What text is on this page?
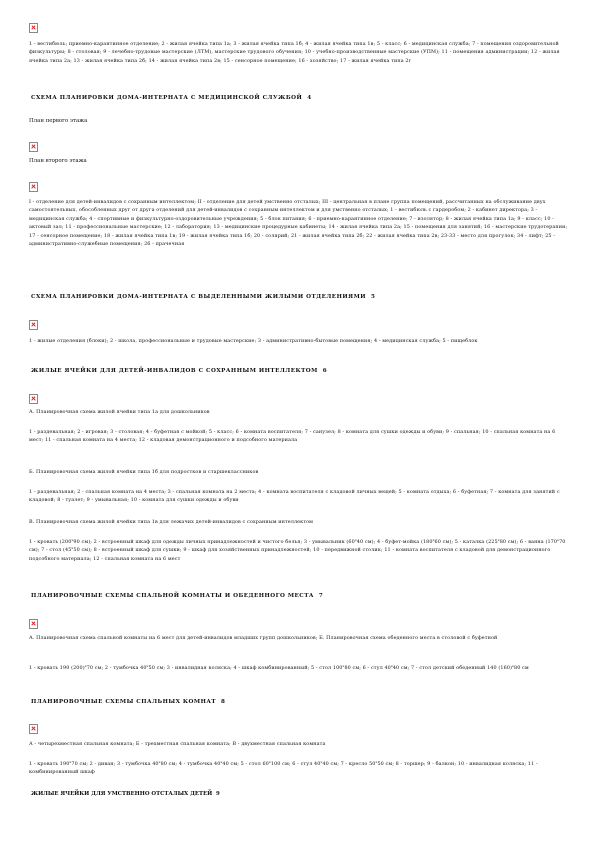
1 - вестибюль; приемно-карантинное отделение; 2 - жилая ячейка типа 1а; 3 - жилая ячейка типа 1б; 4 - жилая ячейка типа 1в; 5 - класс; 6 - медицинская служба; 7 - помещения оздоровительной физкультуры; 8 - столовая; 9 - лечебно-трудовые мастерские (ЛТМ), мастерские трудового обучения; 10 - учебно-производственные мастерские (УПМ); 11 - помещения администрации; 12 - жилая ячейка типа 2а; 13 - жилая ячейка типа 2б; 14 - жилая ячейка типа 2в; 15 - сенсорное помещение; 16 - хозяйство; 17 - жилая ячейка типа 2г
СХЕМА ПЛАНИРОВКИ ДОМА-ИНТЕРНАТА С МЕДИЦИНСКОЙ СЛУЖБОЙ 4
План первого этажа
План второго этажа
I - отделение для детей-инвалидов с сохранным интеллектом; II - отделение для детей умственно отсталых; III - центральная в плане группа помещений, рассчитанных на обслуживание двух самостоятельных, обособленных друг от друга отделений для детей-инвалидов с сохранным интеллектом и для умственно отсталых; 1 - вестибюль с гардеробом; 2 - кабинет директора; 3 - медицинская служба; 4 - спортивные и физкультурно-оздоровительные учреждения; 5 - блок питания; 6 - приемно-карантинное отделение; 7 - изолятор; 8 - жилая ячейка типа 1а; 9 - класс; 10 - актовый зал; 11 - профессиональные мастерские; 12 - лаборатория; 13 - медицинские процедурные кабинеты; 14 - жилая ячейка типа 2а; 15 - помещения для занятий; 16 - мастерские трудотерапии; 17 - сенсорное помещение; 18 - жилая ячейка типа 1в; 19 - жилая ячейка типа 1б; 20 - солярий; 21 - жилая ячейка типа 2б; 22 - жилая ячейка типа 2в; 23-33 - место для прогулок; 34 - лифт; 25 - административно-служебные помещения; 26 - прачечная
СХЕМА ПЛАНИРОВКИ ДОМА-ИНТЕРНАТА С ВЫДЕЛЕННЫМИ ЖИЛЫМИ ОТДЕЛЕНИЯМИ 5
1 - жилые отделения (блоки); 2 - школа, профессиональные и трудовые мастерские; 3 - административно-бытовые помещения; 4 - медицинская служба; 5 - пищеблок
ЖИЛЫЕ ЯЧЕЙКИ ДЛЯ ДЕТЕЙ-ИНВАЛИДОВ С СОХРАННЫМ ИНТЕЛЛЕКТОМ 6
А. Планировочная схема жилой ячейки типа 1а для дошкольников
1 - раздевальная; 2 - игровая; 3 - столовая; 4 - буфетная с мойкой; 5 - класс; 6 - комната воспитателя; 7 - санузел; 8 - комната для сушки одежды и обуви; 9 - спальная; 10 - спальная комната на 6 мест; 11 - спальная комната на 4 места; 12 - кладовая демонстрационного и подсобного материала
Б. Планировочная схема жилой ячейки типа 1б для подростков и старшеклассников
1 - раздевальная; 2 - спальная комната на 4 места; 3 - спальная комната на 2 места; 4 - комната воспитателя с кладовой личных вещей; 5 - комната отдыха; 6 - буфетная; 7 - комната для занятий с кладовой; 8 - туалет; 9 - умывальная; 10 - комната для сушки одежды и обуви
В. Планировочная схема жилой ячейки типа 1в для лежачих детей-инвалидов с сохранным интеллектом
1 - кровать (200˟90 см); 2 - встроенный шкаф для одежды личных принадлежностей и чистого белья; 3 - умывальник (60˟40 см); 4 - буфет-мойка (180˟60 см); 5 - каталка (225˟80 см); 6 - ванна (170˟70 см); 7 - стол (45˟50 см); 8 - встроенный шкаф для сушки; 9 - шкаф для хозяйственных принадлежностей; 10 - передвижной столик; 11 - комната воспитателя с кладовой для демонстрационного подсобного материала; 12 - спальная комната на 6 мест
ПЛАНИРОВОЧНЫЕ СХЕМЫ СПАЛЬНОЙ КОМНАТЫ И ОБЕДЕННОГО МЕСТА 7
А. Планировочная схема спальной комнаты на 6 мест для детей-инвалидов младших групп дошкольников; Б. Планировочная схема обеденного места в столовой с буфетной
1 - кровать 190 (200)˟70 см; 2 - тумбочка 40˟50 см; 3 - инвалидная коляска; 4 - шкаф комбинированный; 5 - стол 100˟80 см; 6 - стул 40˟40 см; 7 - стол детский обеденный 140 (160)˟80 см
ПЛАНИРОВОЧНЫЕ СХЕМЫ СПАЛЬНЫХ КОМНАТ 8
А - четырехместная спальная комната; Б - трехместная спальная комната; В - двухместная спальная комната
1 - кровать 190˟70 см; 2 - диван; 3 - тумбочка 40˟80 см; 4 - тумбочка 40˟40 см; 5 - стол 60˟100 см; 6 - стул 40˟40 см; 7 - кресло 50˟50 см; 8 - торшер; 9 - балкон; 10 - инвалидная коляска; 11 - комбинированный шкаф
ЖИЛЫЕ ЯЧЕЙКИ ДЛЯ УМСТВЕННО ОТСТАЛЫХ ДЕТЕЙ 9
